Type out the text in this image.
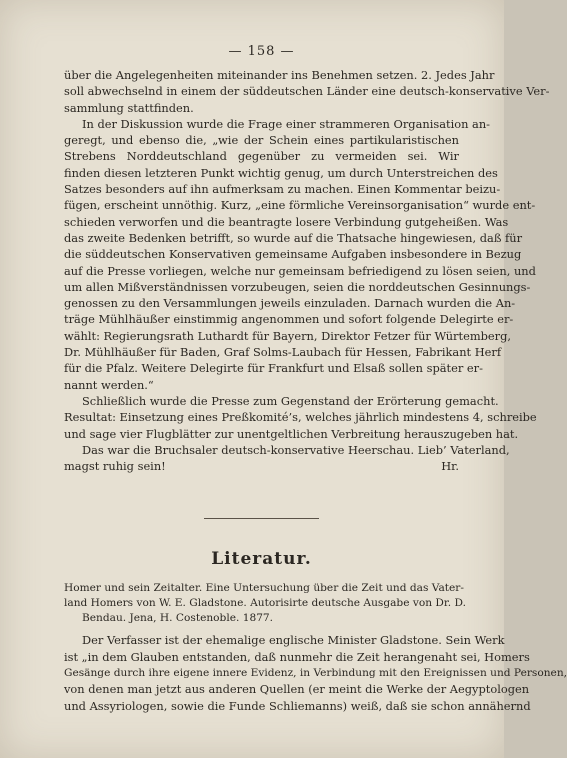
— 158 —
über die Angelegenheiten miteinander ins Benehmen setzen. 2. Jedes Jahr
soll abwechselnd in einem der süddeutschen Länder eine deutsch-konservative Ver-
sammlung stattfinden.
In der Diskussion wurde die Frage einer strammeren Organisation an-
geregt, und ebenso die, „wie der Schein eines partikularistischen
Strebens Norddeutschland gegenüber zu vermeiden sei. Wir
finden diesen letzteren Punkt wichtig genug, um durch Unterstreichen des
Satzes besonders auf ihn aufmerksam zu machen. Einen Kommentar beizu-
fügen, erscheint unnöthig. Kurz, „eine förmliche Vereinsorganisation“ wurde ent-
schieden verworfen und die beantragte losere Verbindung gutgeheißen. Was
das zweite Bedenken betrifft, so wurde auf die Thatsache hingewiesen, daß für
die süddeutschen Konservativen gemeinsame Aufgaben insbesondere in Bezug
auf die Presse vorliegen, welche nur gemeinsam befriedigend zu lösen seien, und
um allen Mißverständnissen vorzubeugen, seien die norddeutschen Gesinnungs-
genossen zu den Versammlungen jeweils einzuladen. Darnach wurden die An-
träge Mühlhäußer einstimmig angenommen und sofort folgende Delegirte er-
wählt: Regierungsrath Luthardt für Bayern, Direktor Fetzer für Würtemberg,
Dr. Mühlhäußer für Baden, Graf Solms-Laubach für Hessen, Fabrikant Herf
für die Pfalz. Weitere Delegirte für Frankfurt und Elsaß sollen später er-
nannt werden.“
Schließlich wurde die Presse zum Gegenstand der Erörterung gemacht.
Resultat: Einsetzung eines Preßkomité’s, welches jährlich mindestens 4, schreibe
und sage vier Flugblätter zur unentgeltlichen Verbreitung herauszugeben hat.
Das war die Bruchsaler deutsch-konservative Heerschau. Lieb’ Vaterland,
magst ruhig sein!	Hr.
Literatur.
Homer und sein Zeitalter. Eine Untersuchung über die Zeit und das Vater-
land Homers von W. E. Gladstone. Autorisirte deutsche Ausgabe von Dr. D.
Bendau. Jena, H. Costenoble. 1877.
Der Verfasser ist der ehemalige englische Minister Gladstone. Sein Werk
ist „in dem Glauben entstanden, daß nunmehr die Zeit herangenaht sei, Homers
Gesänge durch ihre eigene innere Evidenz, in Verbindung mit den Ereignissen und Personen,
von denen man jetzt aus anderen Quellen (er meint die Werke der Aegyptologen
und Assyriologen, sowie die Funde Schliemanns) weiß, daß sie schon annähernd
